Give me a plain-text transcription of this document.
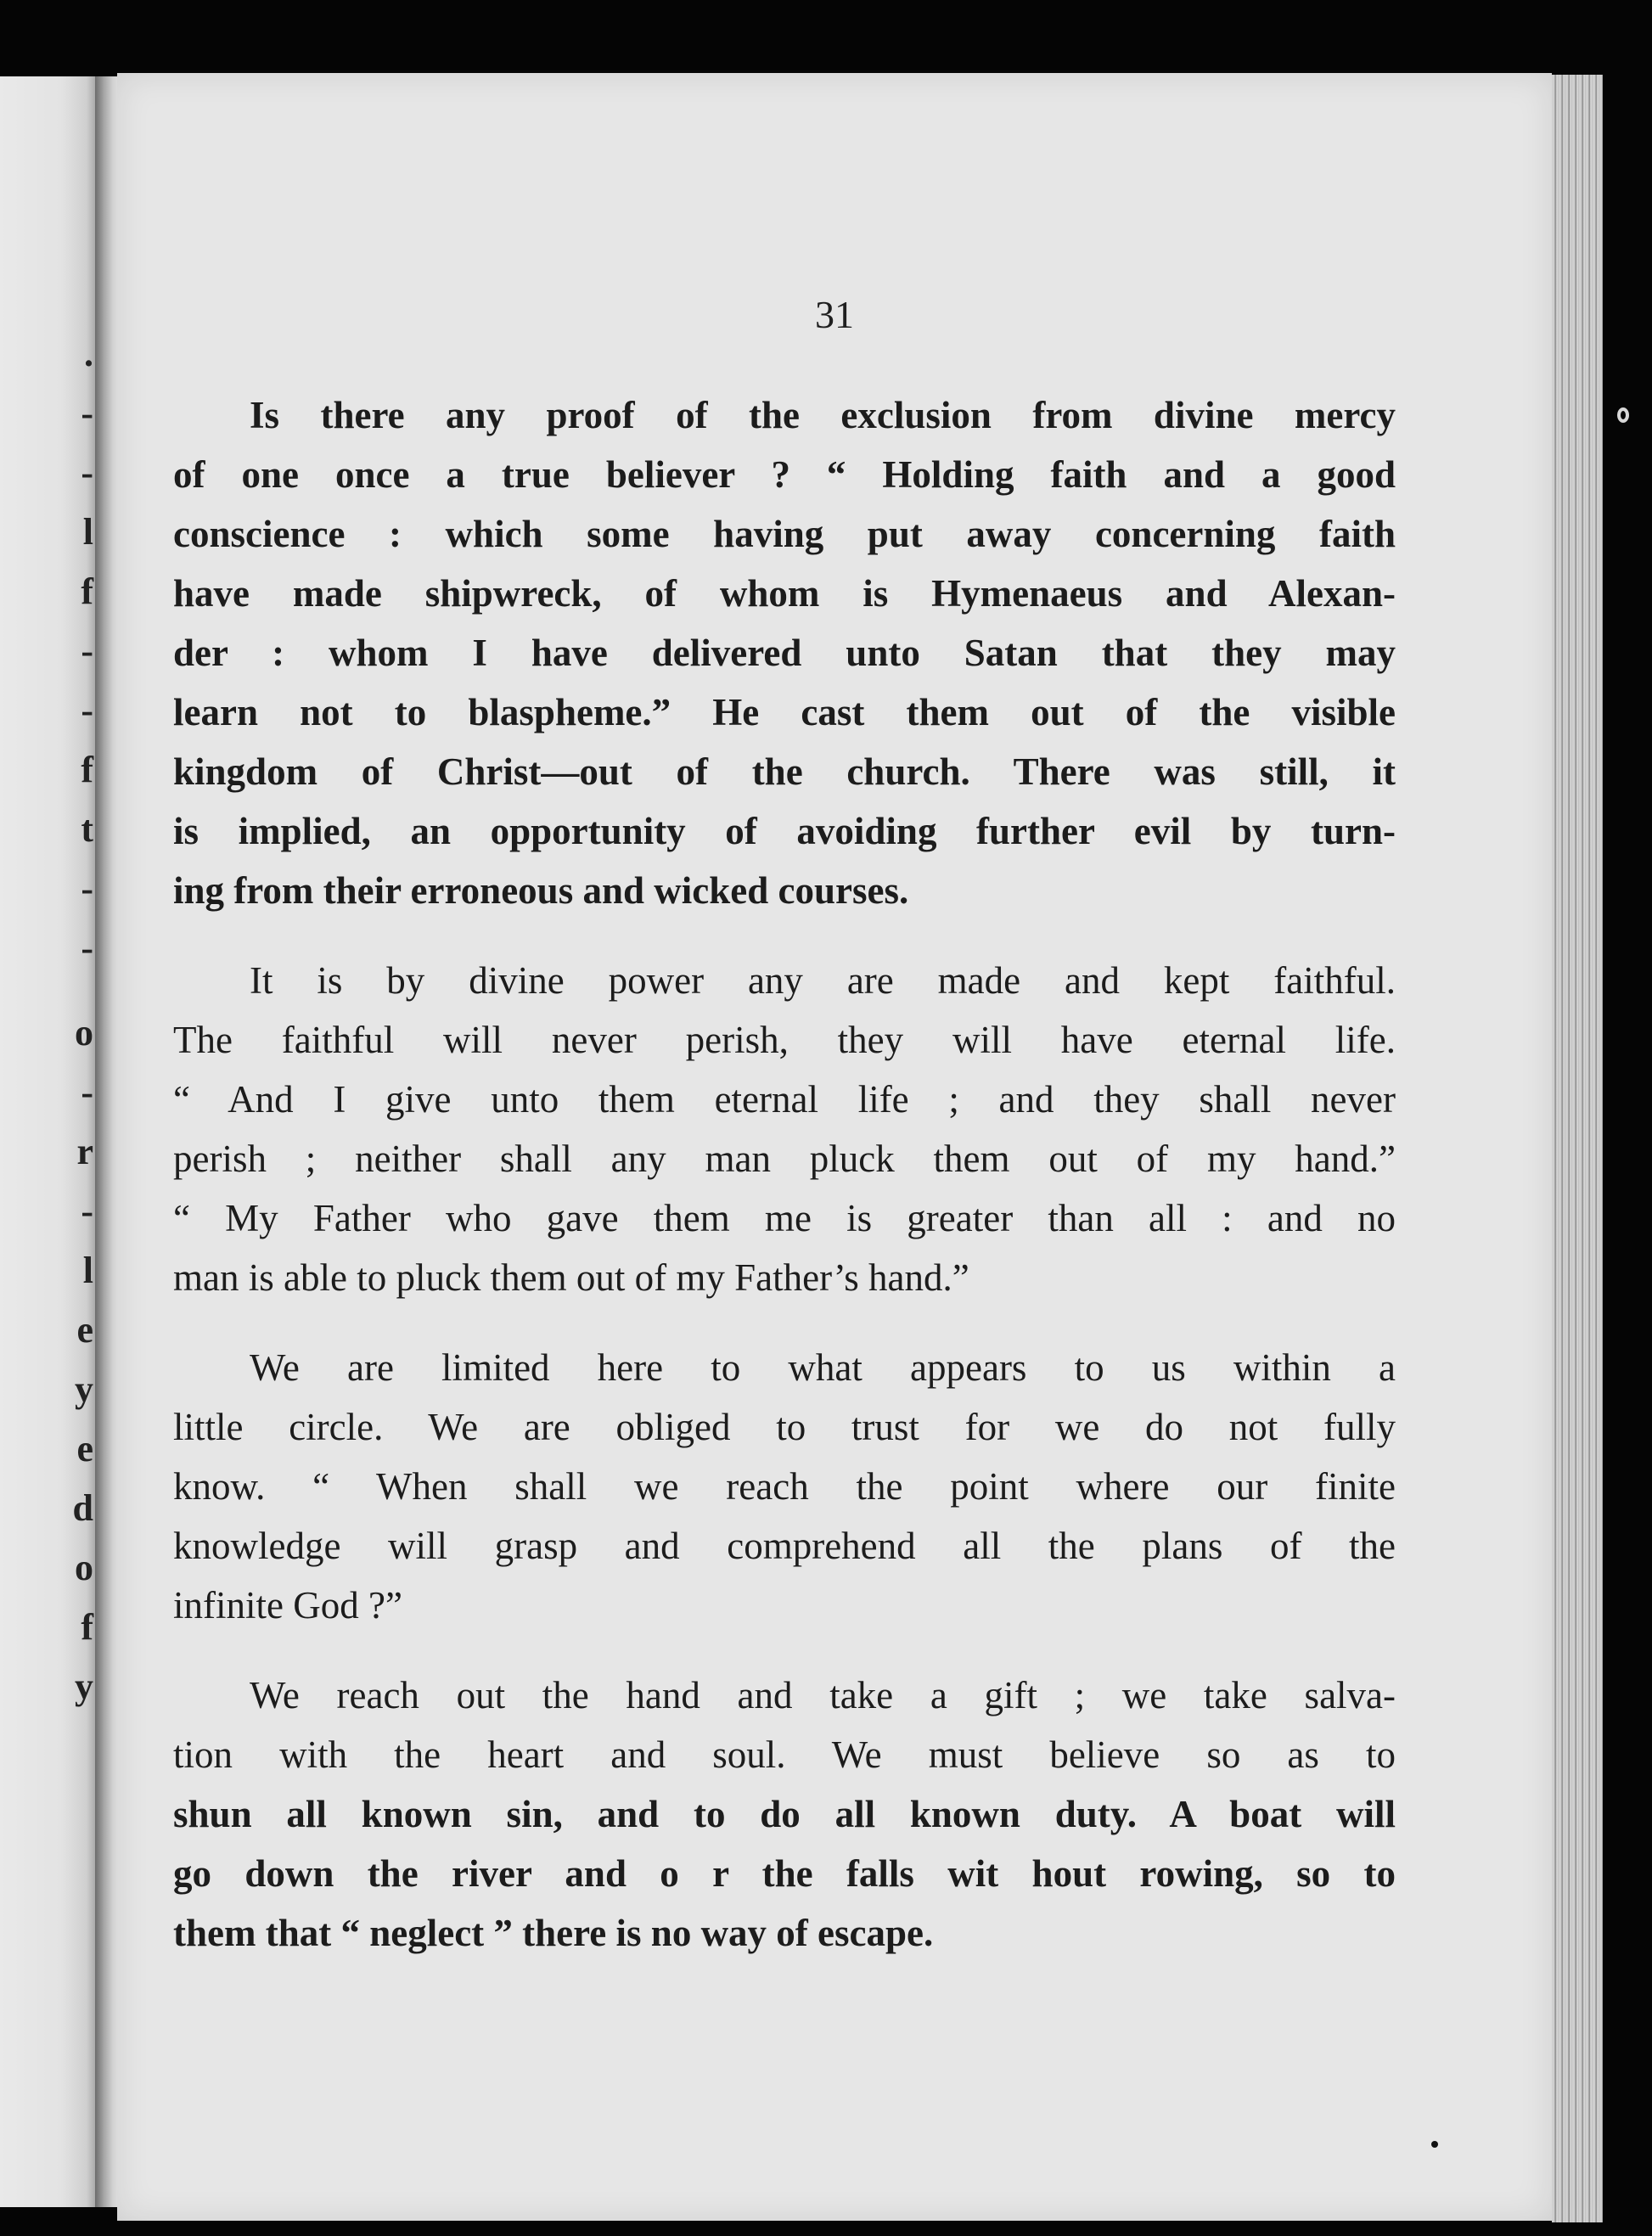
.
-
-
l
f
-
-
f
t
-
-
o
-
r
-
l
e
y
e
d
o
f
y
31

Is there any proof of the exclusion from divine mercy
of one once a true believer ? “ Holding faith and a good
conscience : which some having put away concerning faith
have made shipwreck, of whom is Hymenaeus and Alexan-
der : whom I have delivered unto Satan that they may
learn not to blaspheme.” He cast them out of the visible
kingdom of Christ—out of the church. There was still, it
is implied, an opportunity of avoiding further evil by turn-
ing from their erroneous and wicked courses.

It is by divine power any are made and kept faithful.
The faithful will never perish, they will have eternal life.
“ And I give unto them eternal life ; and they shall never
perish ; neither shall any man pluck them out of my hand.”
“ My Father who gave them me is greater than all : and no
man is able to pluck them out of my Father’s hand.”

We are limited here to what appears to us within a
little circle. We are obliged to trust for we do not fully
know. “ When shall we reach the point where our finite
knowledge will grasp and comprehend all the plans of the
infinite God ?”

We reach out the hand and take a gift ; we take salva-
tion with the heart and soul. We must believe so as to
shun all known sin, and to do all known duty. A boat will
go down the river and o r the falls wit hout rowing, so to
them that “ neglect ” there is no way of escape.
